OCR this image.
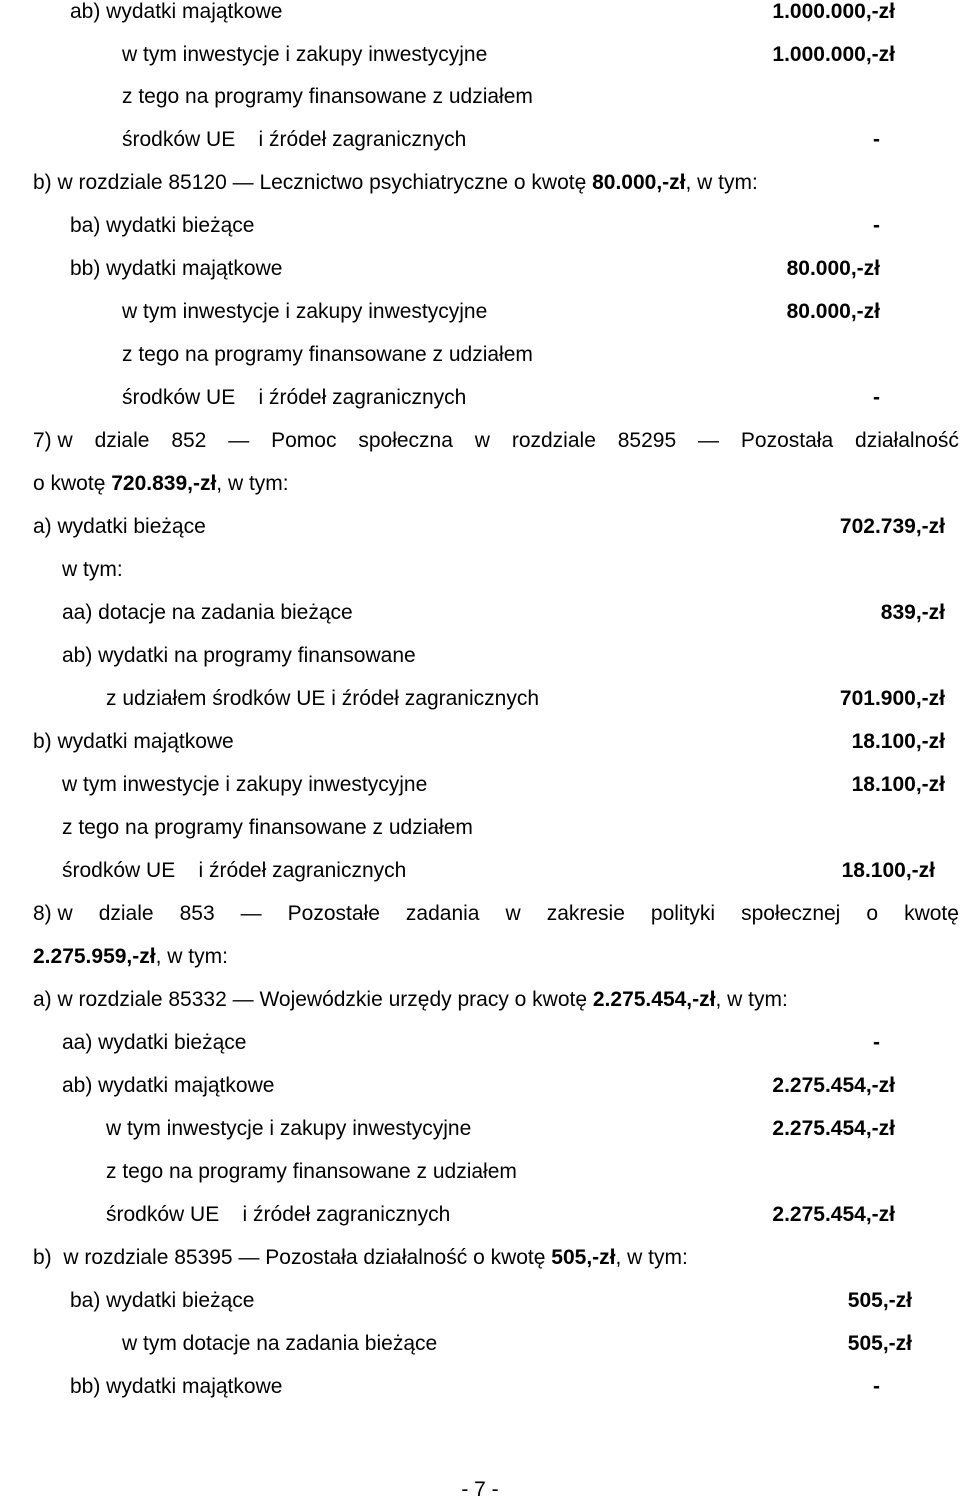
ab) wydatki majątkowe	1.000.000,-zł
w tym inwestycje i zakupy inwestycyjne	1.000.000,-zł
z tego na programy finansowane z udziałem
środków UE    i źródeł zagranicznych	-
b) w rozdziale 85120 ― Lecznictwo psychiatryczne o kwotę 80.000,-zł, w tym:
ba) wydatki bieżące	-
bb) wydatki majątkowe	80.000,-zł
w tym inwestycje i zakupy inwestycyjne	80.000,-zł
z tego na programy finansowane z udziałem
środków UE    i źródeł zagranicznych	-
7) w dziale 852 ― Pomoc społeczna w rozdziale 85295 ― Pozostała działalność
o kwotę 720.839,-zł, w tym:
a) wydatki bieżące	702.739,-zł
w tym:
aa) dotacje na zadania bieżące	839,-zł
ab) wydatki na programy finansowane
z udziałem środków UE i źródeł zagranicznych	701.900,-zł
b) wydatki majątkowe	18.100,-zł
w tym inwestycje i zakupy inwestycyjne	18.100,-zł
z tego na programy finansowane z udziałem
środków UE    i źródeł zagranicznych	18.100,-zł
8) w dziale 853 ― Pozostałe zadania w zakresie polityki społecznej o kwotę
2.275.959,-zł, w tym:
a) w rozdziale 85332 ― Wojewódzkie urzędy pracy o kwotę 2.275.454,-zł, w tym:
aa) wydatki bieżące	-
ab) wydatki majątkowe	2.275.454,-zł
w tym inwestycje i zakupy inwestycyjne	2.275.454,-zł
z tego na programy finansowane z udziałem
środków UE    i źródeł zagranicznych	2.275.454,-zł
b)  w rozdziale 85395 ― Pozostała działalność o kwotę 505,-zł, w tym:
ba) wydatki bieżące	505,-zł
w tym dotacje na zadania bieżące	505,-zł
bb) wydatki majątkowe	-
- 7 -
